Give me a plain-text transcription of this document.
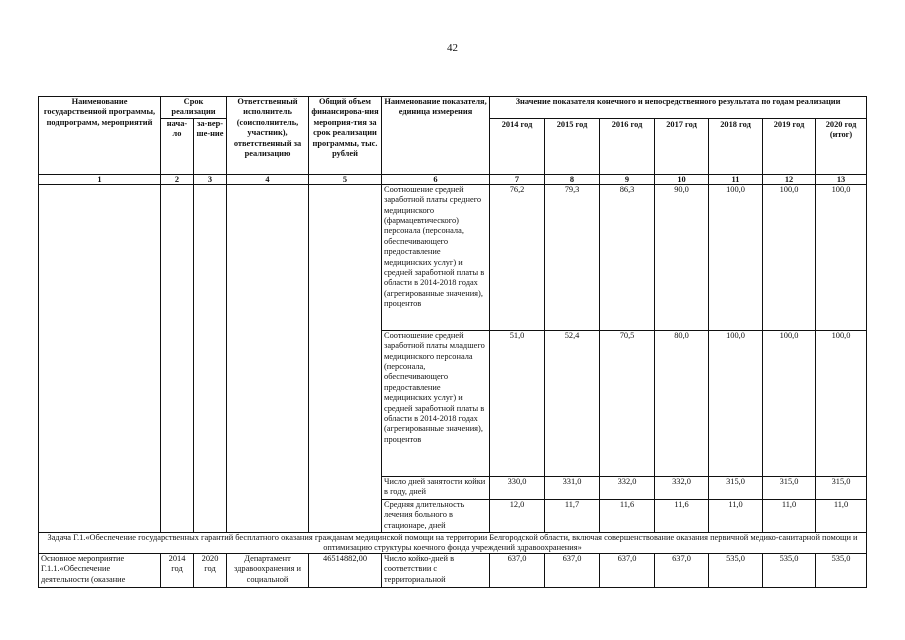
42
Наименование государственной программы, подпрограмм, мероприятий	Срок реализации		Ответственный исполнитель (соисполнитель, участник), ответственный за реализацию	Общий объем финансирова-ния мероприя-тия за срок реализации программы, тыс. рублей	Наименование показателя, единица измерения	Значение показателя конечного и непосредственного результата по годам реализации						
	нача-ло	за-вер-ше-ние				2014 год	2015 год	2016 год	2017 год	2018 год	2019 год	2020 год (итог)
1	2	3	4	5	6	7	8	9	10	11	12	13
					Соотношение средней заработной платы среднего медицинского (фармацевтического) персонала (персонала, обеспечивающего предоставление медицинских услуг) и средней заработной платы в области в 2014-2018 годах (агрегированные значения), процентов	76,2	79,3	86,3	90,0	100,0	100,0	100,0
					Соотношение средней заработной платы младшего медицинского персонала (персонала, обеспечивающего предоставление медицинских услуг) и средней заработной платы в области в 2014-2018 годах (агрегированные значения), процентов	51,0	52,4	70,5	80,0	100,0	100,0	100,0
					Число дней занятости койки в году, дней	330,0	331,0	332,0	332,0	315,0	315,0	315,0
					Средняя длительность лечения больного в стационаре, дней	12,0	11,7	11,6	11,6	11,0	11,0	11,0
Задача Г.1.«Обеспечение государственных гарантий бесплатного оказания гражданам медицинской помощи на территории Белгородской области, включая совершенствование оказания первичной медико-санитарной помощи и оптимизацию структуры коечного фонда учреждений здравоохранения»												
Основное мероприятие Г.1.1.«Обеспечение деятельности (оказание	2014 год	2020 год	Департамент здравоохранения и социальной	46514882,00	Число койко-дней в соответствии с территориальной	637,0	637,0	637,0	637,0	535,0	535,0	535,0
